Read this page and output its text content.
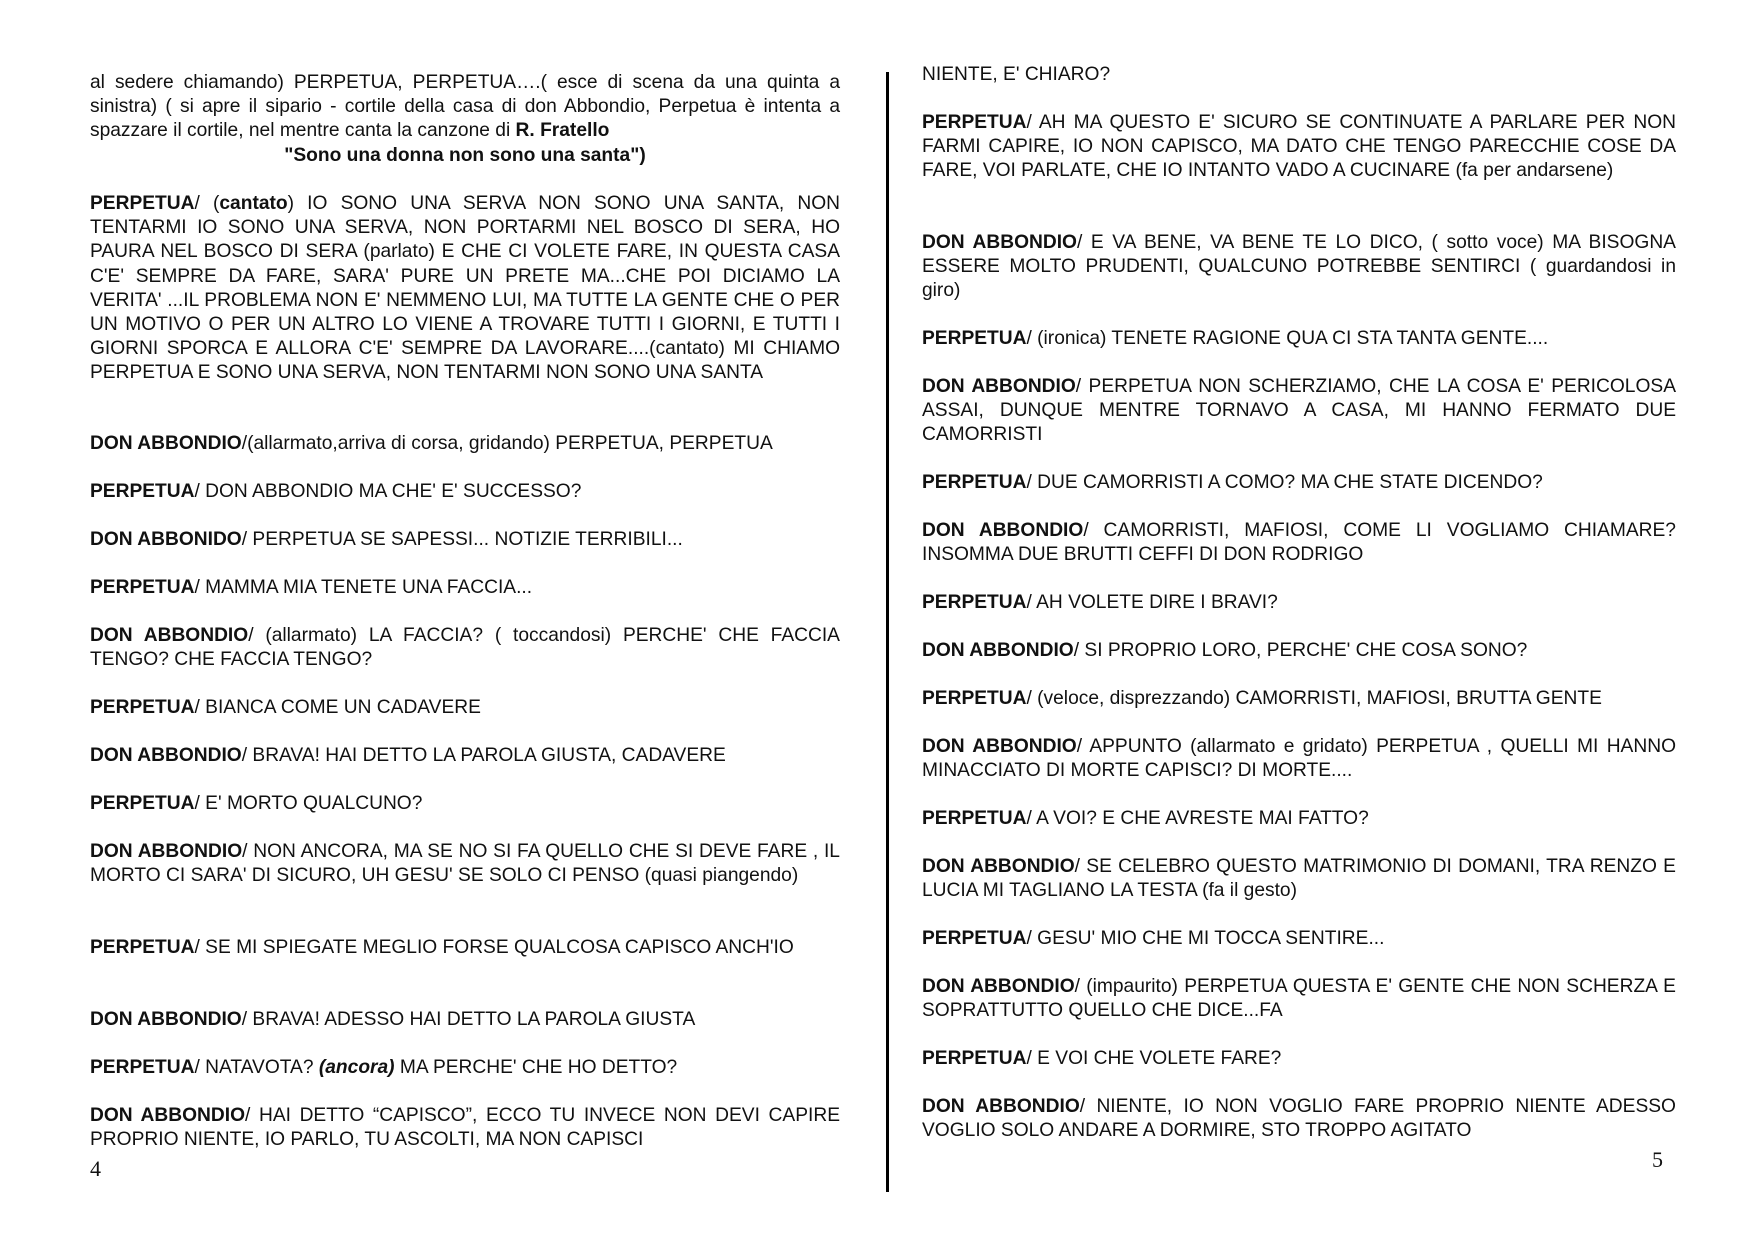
al sedere chiamando) PERPETUA, PERPETUA….( esce di scena da una quinta a sinistra) ( si apre il sipario - cortile della casa di don Abbondio, Perpetua è intenta a spazzare il cortile, nel mentre canta la canzone di R. Fratello

"Sono una donna non sono una santa")

PERPETUA/ (cantato) IO SONO UNA SERVA NON SONO UNA SANTA, NON TENTARMI IO SONO UNA SERVA, NON PORTARMI NEL BOSCO DI SERA, HO PAURA NEL BOSCO DI SERA (parlato) E CHE CI VOLETE FARE, IN QUESTA CASA C'E' SEMPRE DA FARE, SARA' PURE UN PRETE MA...CHE POI DICIAMO LA VERITA' ...IL PROBLEMA NON E' NEMMENO LUI, MA TUTTE LA GENTE CHE O PER UN MOTIVO O PER UN ALTRO LO VIENE A TROVARE TUTTI I GIORNI, E TUTTI I GIORNI SPORCA E ALLORA C'E' SEMPRE DA LAVORARE....(cantato) MI CHIAMO PERPETUA E SONO UNA SERVA, NON TENTARMI NON SONO UNA SANTA

DON ABBONDIO/(allarmato,arriva di corsa, gridando) PERPETUA, PERPETUA

PERPETUA/ DON ABBONDIO MA CHE' E' SUCCESSO?

DON ABBONIDO/ PERPETUA SE SAPESSI... NOTIZIE TERRIBILI...

PERPETUA/ MAMMA MIA TENETE UNA FACCIA...

DON ABBONDIO/ (allarmato) LA FACCIA? ( toccandosi) PERCHE' CHE FACCIA TENGO? CHE FACCIA TENGO?

PERPETUA/ BIANCA COME UN CADAVERE

DON ABBONDIO/ BRAVA! HAI DETTO LA PAROLA GIUSTA, CADAVERE

PERPETUA/ E' MORTO QUALCUNO?

DON ABBONDIO/ NON ANCORA, MA SE NO SI FA QUELLO CHE SI DEVE FARE , IL MORTO CI SARA' DI SICURO, UH GESU' SE SOLO CI PENSO (quasi piangendo)

PERPETUA/ SE MI SPIEGATE MEGLIO FORSE QUALCOSA CAPISCO ANCH'IO

DON ABBONDIO/ BRAVA! ADESSO HAI DETTO LA PAROLA GIUSTA

PERPETUA/ NATAVOTA? (ancora) MA PERCHE' CHE HO DETTO?

DON ABBONDIO/ HAI DETTO “CAPISCO”, ECCO TU INVECE NON DEVI CAPIRE PROPRIO NIENTE, IO PARLO, TU ASCOLTI, MA NON CAPISCI

4

NIENTE, E' CHIARO?

PERPETUA/ AH MA QUESTO E' SICURO SE CONTINUATE A PARLARE PER NON FARMI CAPIRE, IO NON CAPISCO, MA DATO CHE TENGO PARECCHIE COSE DA FARE, VOI PARLATE, CHE IO INTANTO VADO A CUCINARE (fa per andarsene)

DON ABBONDIO/ E VA BENE, VA BENE TE LO DICO, ( sotto voce) MA BISOGNA ESSERE MOLTO PRUDENTI, QUALCUNO POTREBBE SENTIRCI ( guardandosi in giro)

PERPETUA/ (ironica) TENETE RAGIONE QUA CI STA TANTA GENTE....

DON ABBONDIO/ PERPETUA NON SCHERZIAMO, CHE LA COSA E' PERICOLOSA ASSAI, DUNQUE MENTRE TORNAVO A CASA, MI HANNO FERMATO DUE CAMORRISTI

PERPETUA/ DUE CAMORRISTI A COMO? MA CHE STATE DICENDO?

DON ABBONDIO/ CAMORRISTI, MAFIOSI, COME LI VOGLIAMO CHIAMARE? INSOMMA DUE BRUTTI CEFFI DI DON RODRIGO

PERPETUA/ AH VOLETE DIRE I BRAVI?

DON ABBONDIO/ SI PROPRIO LORO, PERCHE' CHE COSA SONO?

PERPETUA/ (veloce, disprezzando) CAMORRISTI, MAFIOSI, BRUTTA GENTE

DON ABBONDIO/ APPUNTO (allarmato e gridato) PERPETUA , QUELLI MI HANNO MINACCIATO DI MORTE CAPISCI? DI MORTE....

PERPETUA/ A VOI? E CHE AVRESTE MAI FATTO?

DON ABBONDIO/ SE CELEBRO QUESTO MATRIMONIO DI DOMANI, TRA RENZO E LUCIA MI TAGLIANO LA TESTA (fa il gesto)

PERPETUA/ GESU' MIO CHE MI TOCCA SENTIRE...

DON ABBONDIO/ (impaurito) PERPETUA QUESTA E' GENTE CHE NON SCHERZA E SOPRATTUTTO QUELLO CHE DICE...FA

PERPETUA/ E VOI CHE VOLETE FARE?

DON ABBONDIO/ NIENTE, IO NON VOGLIO FARE PROPRIO NIENTE ADESSO VOGLIO SOLO ANDARE A DORMIRE, STO TROPPO AGITATO

5
